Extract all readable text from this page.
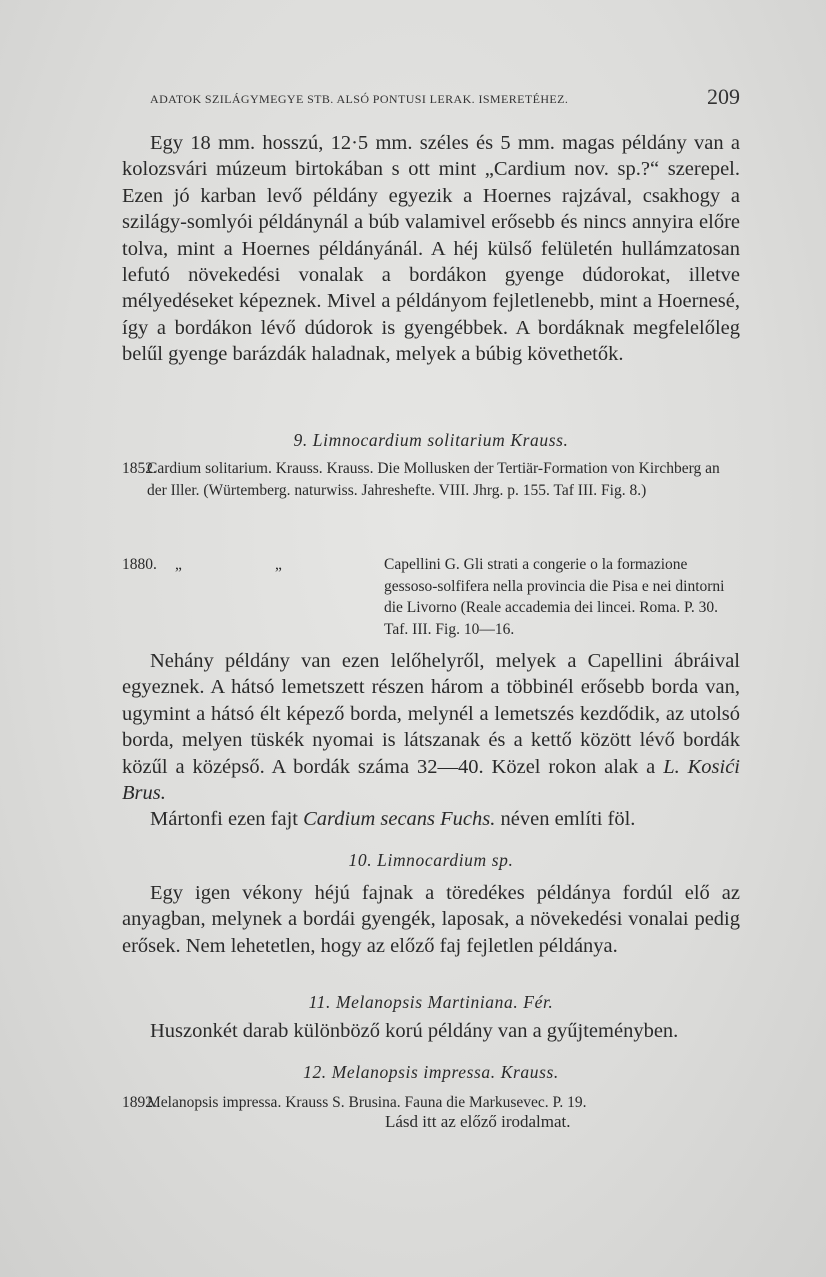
ADATOK SZILÁGYMEGYE STB. ALSÓ PONTUSI LERAK. ISMERETÉHEZ.	209
Egy 18 mm. hosszú, 12·5 mm. széles és 5 mm. magas példány van a kolozsvári múzeum birtokában s ott mint „Cardium nov. sp.?“ szerepel. Ezen jó karban levő példány egyezik a Hoernes rajzával, csakhogy a szilágy-somlyói példánynál a búb valamivel erősebb és nincs annyira előre tolva, mint a Hoernes példányánál. A héj külső felületén hullámzatosan lefutó növekedési vonalak a bordákon gyenge dúdorokat, illetve mélyedéseket képeznek. Mivel a példányom fejletlenebb, mint a Hoernesé, így a bordákon lévő dúdorok is gyengébbek. A bordáknak megfelelőleg belűl gyenge barázdák haladnak, melyek a búbig követhetők.
9. Limnocardium solitarium Krauss.
1852.
Cardium solitarium. Krauss. Krauss. Die Mollusken der Tertiär-Formation von Kirchberg an der Iller. (Würtemberg. naturwiss. Jahreshefte. VIII. Jhrg. p. 155. Taf III. Fig. 8.)
1880. „	„	Capellini G. Gli strati a congerie o la formazione gessoso-solfifera nella provincia die Pisa e nei dintorni die Livorno (Reale accademia dei lincei. Roma. P. 30. Taf. III. Fig. 10—16.
Nehány példány van ezen lelőhelyről, melyek a Capellini ábráival egyeznek. A hátsó lemetszett részen három a többinél erősebb borda van, ugymint a hátsó élt képező borda, melynél a lemetszés kezdődik, az utolsó borda, melyen tüskék nyomai is látszanak és a kettő között lévő bordák közűl a középső. A bordák száma 32—40. Közel rokon alak a L. Kosići Brus.
Mártonfi ezen fajt Cardium secans Fuchs. néven említi föl.
10. Limnocardium sp.
Egy igen vékony héjú fajnak a töredékes példánya fordúl elő az anyagban, melynek a bordái gyengék, laposak, a növekedési vonalai pedig erősek. Nem lehetetlen, hogy az előző faj fejletlen példánya.
11. Melanopsis Martiniana. Fér.
Huszonkét darab különböző korú példány van a gyűjteményben.
12. Melanopsis impressa. Krauss.
1892.
Melanopsis impressa. Krauss S. Brusina. Fauna die Markusevec. P. 19.
Lásd itt az előző irodalmat.
